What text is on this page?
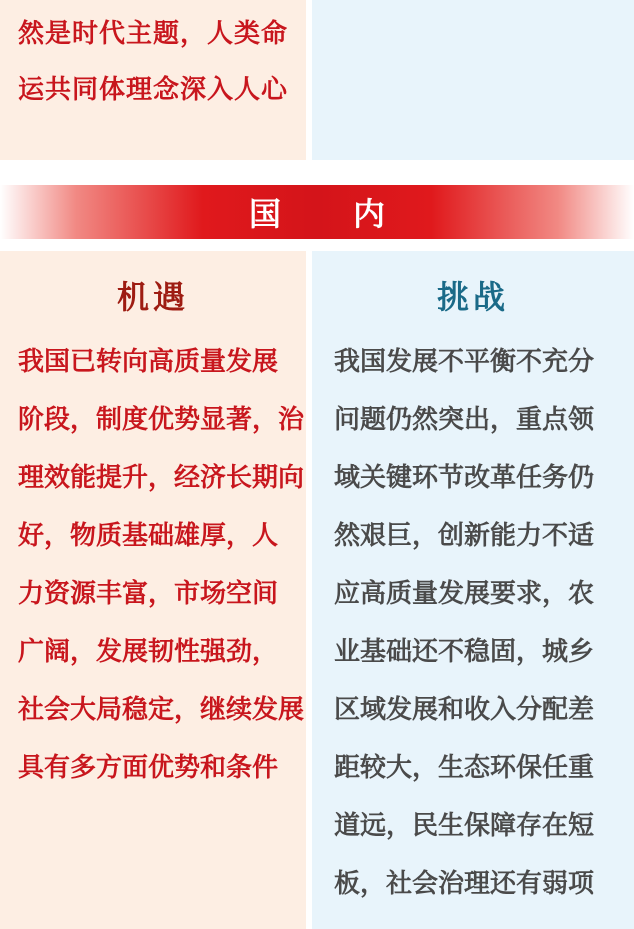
然是时代主题，人类命
运共同体理念深入人心

国内
机遇

我国已转向高质量发展
阶段，制度优势显著，治
理效能提升，经济长期向
好，物质基础雄厚，人
力资源丰富，市场空间
广阔，发展韧性强劲，
社会大局稳定，继续发展
具有多方面优势和条件

挑战

我国发展不平衡不充分
问题仍然突出，重点领
域关键环节改革任务仍
然艰巨，创新能力不适
应高质量发展要求，农
业基础还不稳固，城乡
区域发展和收入分配差
距较大，生态环保任重
道远，民生保障存在短
板，社会治理还有弱项
